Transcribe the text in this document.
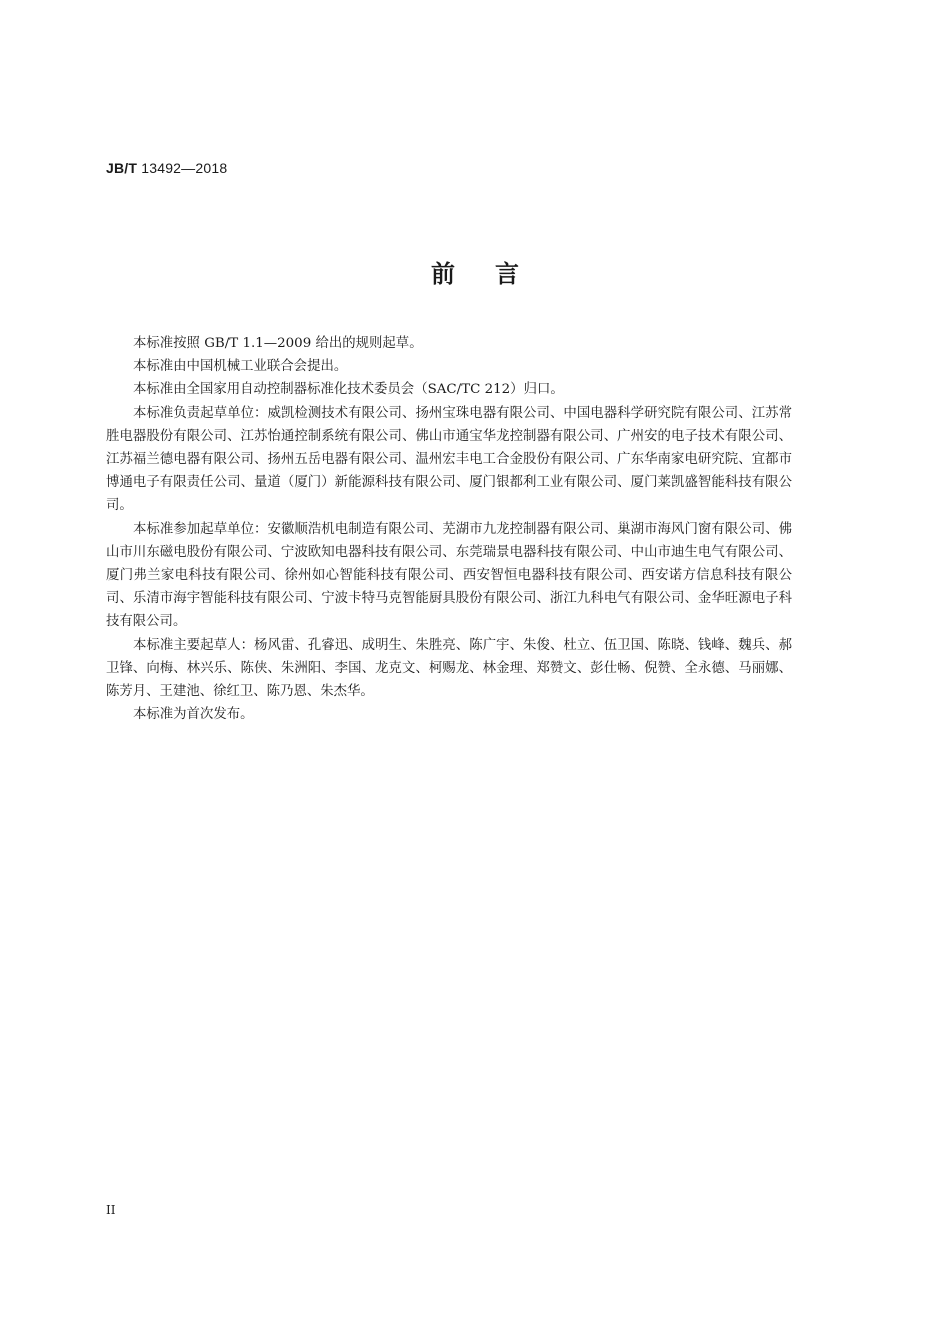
JB/T 13492—2018
前言

本标准按照 GB/T 1.1—2009 给出的规则起草。

本标准由中国机械工业联合会提出。

本标准由全国家用自动控制器标准化技术委员会（SAC/TC 212）归口。

本标准负责起草单位：威凯检测技术有限公司、扬州宝珠电器有限公司、中国电器科学研究院有限公司、江苏常胜电器股份有限公司、江苏怡通控制系统有限公司、佛山市通宝华龙控制器有限公司、广州安的电子技术有限公司、江苏福兰德电器有限公司、扬州五岳电器有限公司、温州宏丰电工合金股份有限公司、广东华南家电研究院、宜都市博通电子有限责任公司、量道（厦门）新能源科技有限公司、厦门银都利工业有限公司、厦门莱凯盛智能科技有限公司。

本标准参加起草单位：安徽顺浩机电制造有限公司、芜湖市九龙控制器有限公司、巢湖市海风门窗有限公司、佛山市川东磁电股份有限公司、宁波欧知电器科技有限公司、东莞瑞景电器科技有限公司、中山市迪生电气有限公司、厦门弗兰家电科技有限公司、徐州如心智能科技有限公司、西安智恒电器科技有限公司、西安诺方信息科技有限公司、乐清市海宇智能科技有限公司、宁波卡特马克智能厨具股份有限公司、浙江九科电气有限公司、金华旺源电子科技有限公司。

本标准主要起草人：杨风雷、孔睿迅、成明生、朱胜亮、陈广宇、朱俊、杜立、伍卫国、陈晓、钱峰、魏兵、郝卫锋、向梅、林兴乐、陈侠、朱洲阳、李国、龙克文、柯赐龙、林金理、郑赞文、彭仕畅、倪赞、全永德、马丽娜、陈芳月、王建池、徐红卫、陈乃恩、朱杰华。

本标准为首次发布。

II
